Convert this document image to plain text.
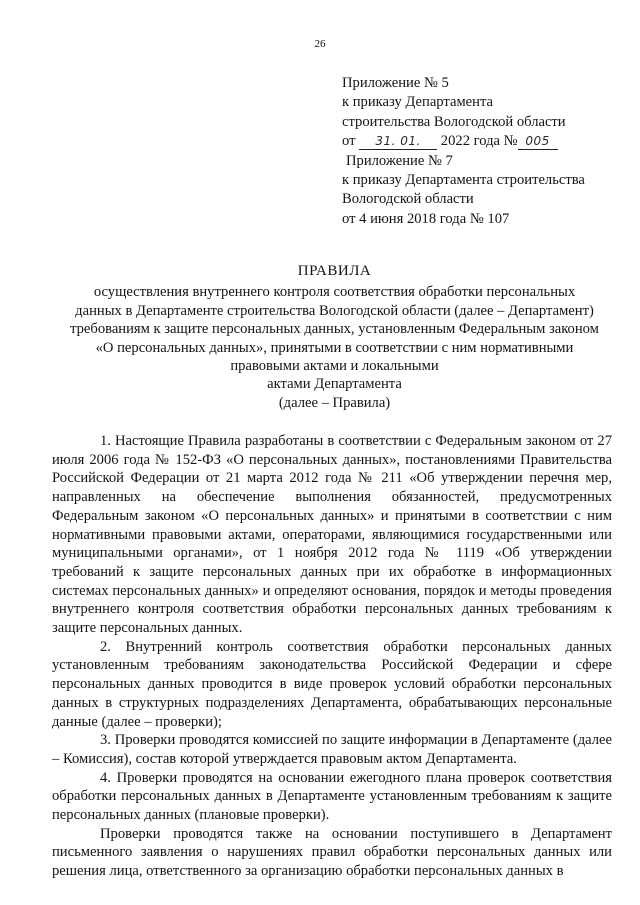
26
Приложение № 5
к приказу Департамента
строительства Вологодской области
от 31. 01. 2022 года № 005
Приложение № 7
к приказу Департамента строительства
Вологодской области
от 4 июня 2018 года № 107
ПРАВИЛА
осуществления внутреннего контроля соответствия обработки персональных
данных в Департаменте строительства Вологодской области (далее – Департамент)
требованиям к защите персональных данных, установленным Федеральным законом
«О персональных данных», принятыми в соответствии с ним нормативными
правовыми актами и локальными
актами Департамента
(далее – Правила)

1. Настоящие Правила разработаны в соответствии с Федеральным законом от 27 июля 2006 года № 152-ФЗ «О персональных данных», постановлениями Правительства Российской Федерации от 21 марта 2012 года № 211 «Об утверждении перечня мер, направленных на обеспечение выполнения обязанностей, предусмотренных Федеральным законом «О персональных данных» и принятыми в соответствии с ним нормативными правовыми актами, операторами, являющимися государственными или муниципальными органами», от 1 ноября 2012 года № 1119 «Об утверждении требований к защите персональных данных при их обработке в информационных системах персональных данных» и определяют основания, порядок и методы проведения внутреннего контроля соответствия обработки персональных данных требованиям к защите персональных данных.

2. Внутренний контроль соответствия обработки персональных данных установленным требованиям законодательства Российской Федерации и сфере персональных данных проводится в виде проверок условий обработки персональных данных в структурных подразделениях Департамента, обрабатывающих персональные данные (далее – проверки);

3. Проверки проводятся комиссией по защите информации в Департаменте (далее – Комиссия), состав которой утверждается правовым актом Департамента.

4. Проверки проводятся на основании ежегодного плана проверок соответствия обработки персональных данных в Департаменте установленным требованиям к защите персональных данных (плановые проверки).

Проверки проводятся также на основании поступившего в Департамент письменного заявления о нарушениях правил обработки персональных данных или решения лица, ответственного за организацию обработки персональных данных в
